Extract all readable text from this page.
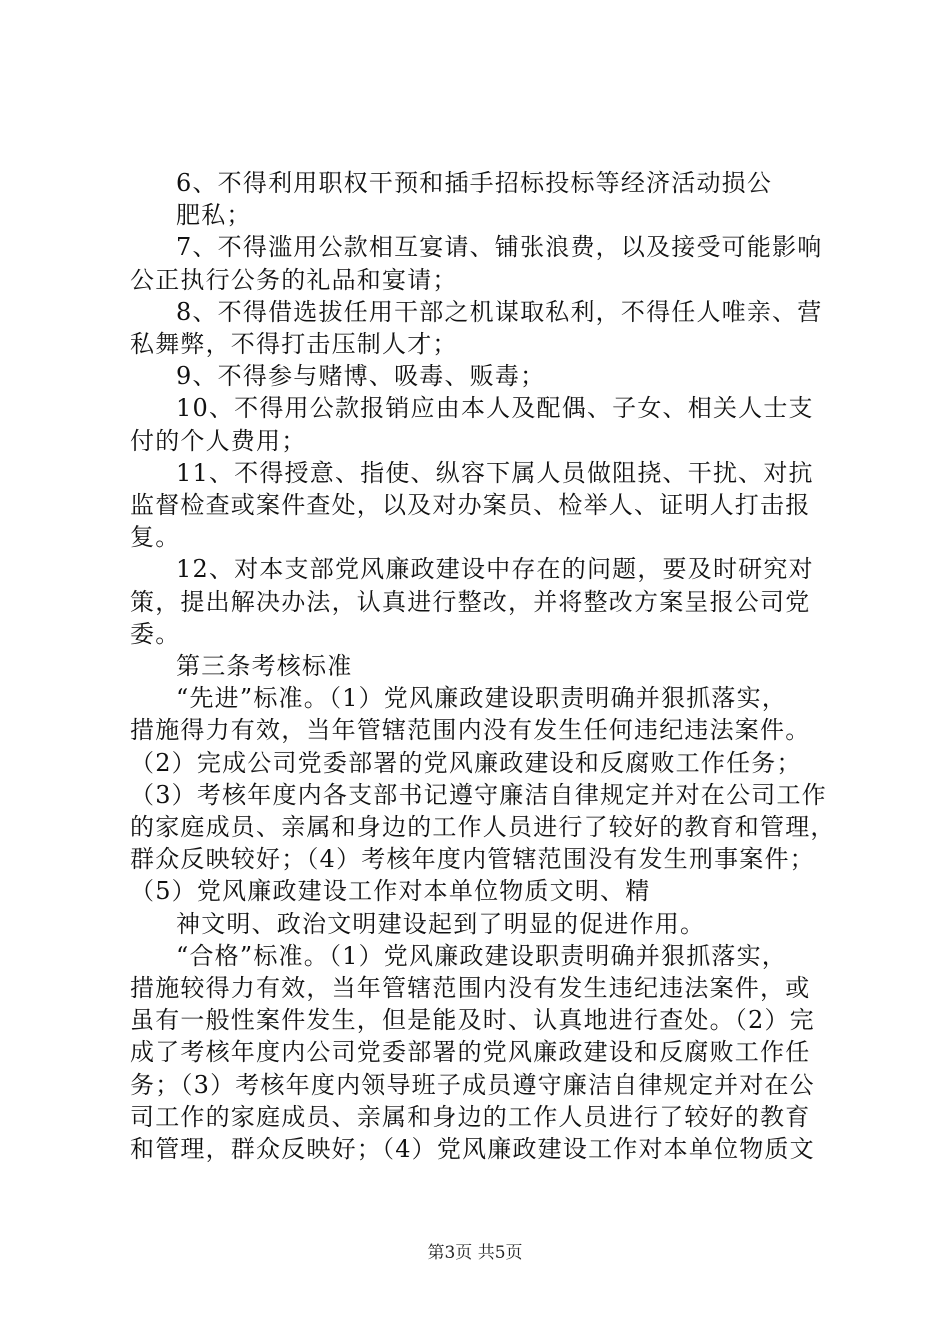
6、不得利用职权干预和插手招标投标等经济活动损公
肥私；
7、不得滥用公款相互宴请、铺张浪费，以及接受可能影响
公正执行公务的礼品和宴请；
8、不得借选拔任用干部之机谋取私利，不得任人唯亲、营
私舞弊，不得打击压制人才；
9、不得参与赌博、吸毒、贩毒；
10、不得用公款报销应由本人及配偶、子女、相关人士支
付的个人费用；
11、不得授意、指使、纵容下属人员做阻挠、干扰、对抗
监督检查或案件查处，以及对办案员、检举人、证明人打击报
复。
12、对本支部党风廉政建设中存在的问题，要及时研究对
策，提出解决办法，认真进行整改，并将整改方案呈报公司党
委。
第三条考核标准
“先进”标准。（1）党风廉政建设职责明确并狠抓落实，
措施得力有效，当年管辖范围内没有发生任何违纪违法案件。
（2）完成公司党委部署的党风廉政建设和反腐败工作任务；
（3）考核年度内各支部书记遵守廉洁自律规定并对在公司工作
的家庭成员、亲属和身边的工作人员进行了较好的教育和管理，
群众反映较好；（4）考核年度内管辖范围没有发生刑事案件；
（5）党风廉政建设工作对本单位物质文明、精
神文明、政治文明建设起到了明显的促进作用。
“合格”标准。（1）党风廉政建设职责明确并狠抓落实，
措施较得力有效，当年管辖范围内没有发生违纪违法案件，或
虽有一般性案件发生，但是能及时、认真地进行查处。（2）完
成了考核年度内公司党委部署的党风廉政建设和反腐败工作任
务；（3）考核年度内领导班子成员遵守廉洁自律规定并对在公
司工作的家庭成员、亲属和身边的工作人员进行了较好的教育
和管理，群众反映好；（4）党风廉政建设工作对本单位物质文
第3页 共5页
